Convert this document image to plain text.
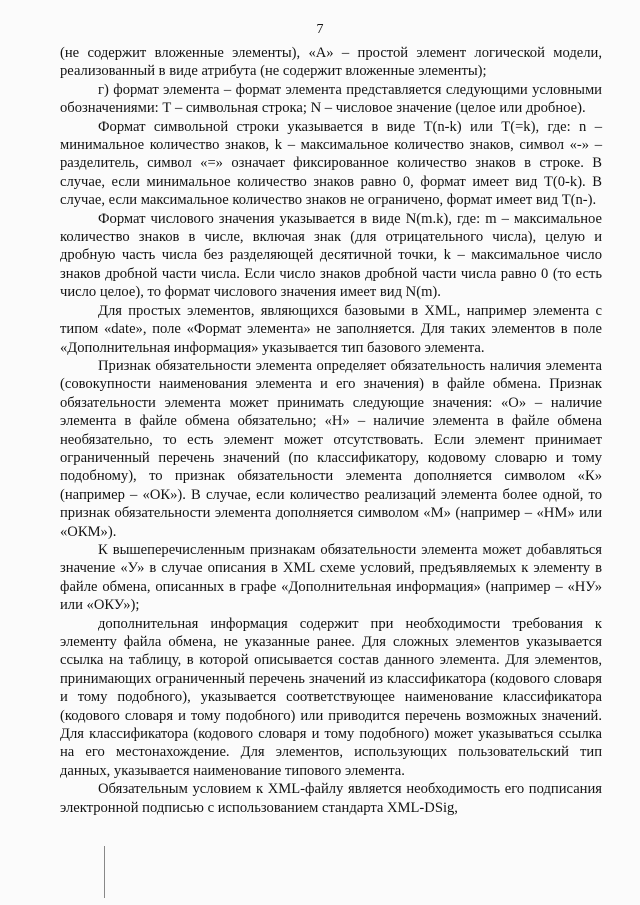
7

(не содержит вложенные элементы), «А» – простой элемент логической модели, реализованный в виде атрибута (не содержит вложенные элементы);

г) формат элемента – формат элемента представляется следующими условными обозначениями: Т – символьная строка; N – числовое значение (целое или дробное).

Формат символьной строки указывается в виде T(n-k) или T(=k), где: n – минимальное количество знаков, k – максимальное количество знаков, символ «-» – разделитель, символ «=» означает фиксированное количество знаков в строке. В случае, если минимальное количество знаков равно 0, формат имеет вид T(0-k). В случае, если максимальное количество знаков не ограничено, формат имеет вид T(n-).

Формат числового значения указывается в виде N(m.k), где: m – максимальное количество знаков в числе, включая знак (для отрицательного числа), целую и дробную часть числа без разделяющей десятичной точки, k – максимальное число знаков дробной части числа. Если число знаков дробной части числа равно 0 (то есть число целое), то формат числового значения имеет вид N(m).

Для простых элементов, являющихся базовыми в XML, например элемента с типом «date», поле «Формат элемента» не заполняется. Для таких элементов в поле «Дополнительная информация» указывается тип базового элемента.

Признак обязательности элемента определяет обязательность наличия элемента (совокупности наименования элемента и его значения) в файле обмена. Признак обязательности элемента может принимать следующие значения: «О» – наличие элемента в файле обмена обязательно; «Н» – наличие элемента в файле обмена необязательно, то есть элемент может отсутствовать. Если элемент принимает ограниченный перечень значений (по классификатору, кодовому словарю и тому подобному), то признак обязательности элемента дополняется символом «К» (например – «ОК»). В случае, если количество реализаций элемента более одной, то признак обязательности элемента дополняется символом «М» (например – «НМ» или «ОКМ»).

К вышеперечисленным признакам обязательности элемента может добавляться значение «У» в случае описания в XML схеме условий, предъявляемых к элементу в файле обмена, описанных в графе «Дополнительная информация» (например – «НУ» или «ОКУ»);

дополнительная информация содержит при необходимости требования к элементу файла обмена, не указанные ранее. Для сложных элементов указывается ссылка на таблицу, в которой описывается состав данного элемента. Для элементов, принимающих ограниченный перечень значений из классификатора (кодового словаря и тому подобного), указывается соответствующее наименование классификатора (кодового словаря и тому подобного) или приводится перечень возможных значений. Для классификатора (кодового словаря и тому подобного) может указываться ссылка на его местонахождение. Для элементов, использующих пользовательский тип данных, указывается наименование типового элемента.

Обязательным условием к XML-файлу является необходимость его подписания электронной подписью с использованием стандарта XML-DSig,
